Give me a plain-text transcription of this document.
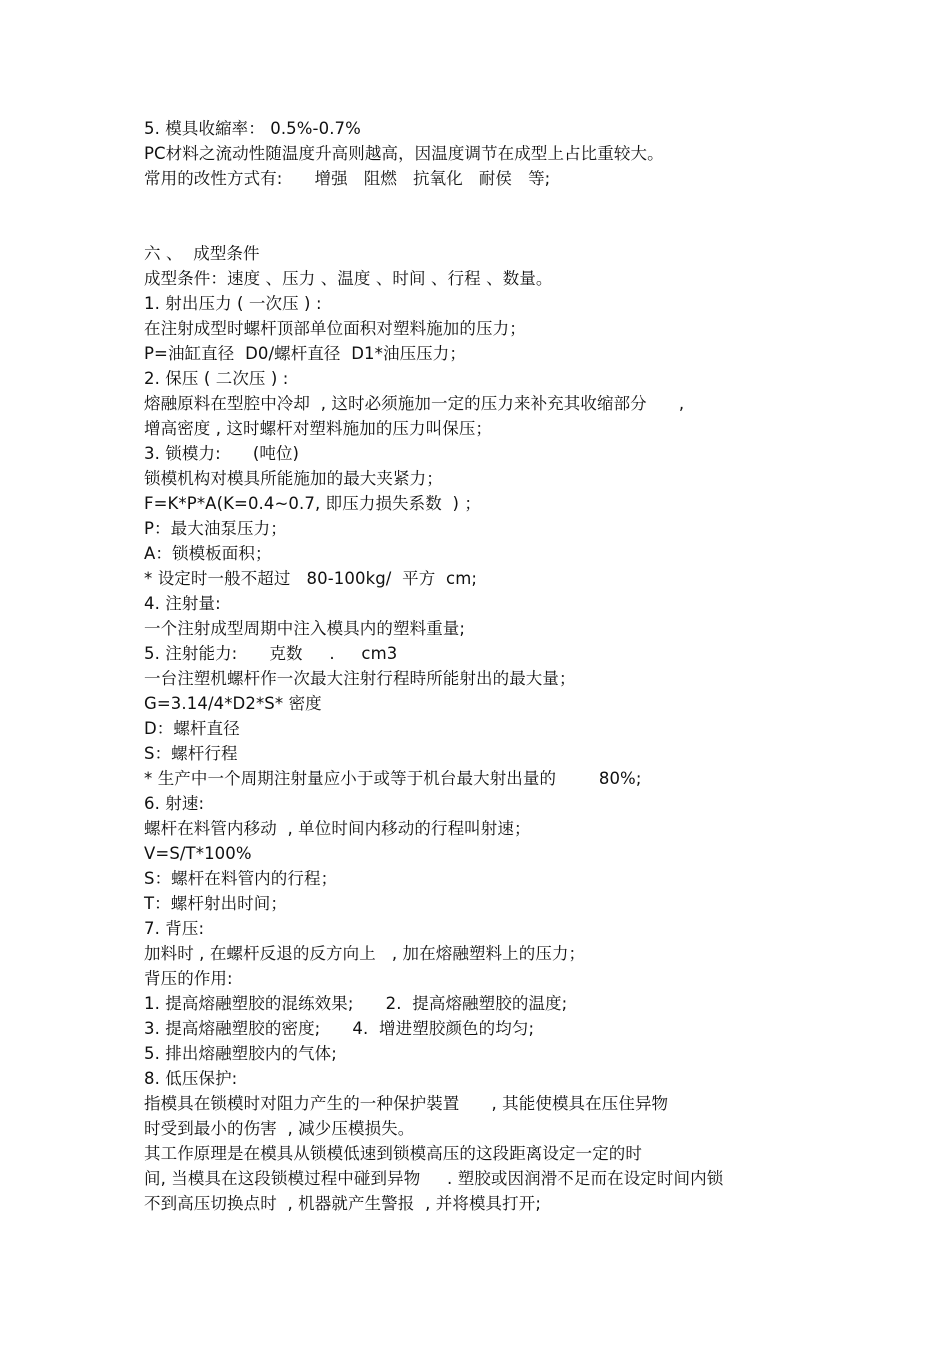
5. 模具收縮率： 0.5%-0.7%
PC材料之流动性随温度升高则越高，因温度调节在成型上占比重较大。
常用的改性方式有:      增强   阻燃   抗氧化   耐侯   等;
六 、  成型条件
成型条件：速度 、压力 、温度 、时间 、行程 、数量。
1. 射出压力 ( 一次压 ) :
在注射成型时螺杆顶部单位面积对塑料施加的压力；
P=油缸直径  D0/螺杆直径  D1*油压压力；
2. 保压 ( 二次压 ) :
熔融原料在型腔中冷却  , 这时必须施加一定的压力来补充其收缩部分      ,
增高密度 , 这时螺杆对塑料施加的压力叫保压；
3. 锁模力:      (吨位)
锁模机构对模具所能施加的最大夹紧力；
F=K*P*A(K=0.4~0.7, 即压力损失系数  ) ；
P：最大油泵压力；
A：锁模板面积；
* 设定时一般不超过   80-100kg/  平方  cm;
4. 注射量:
一个注射成型周期中注入模具内的塑料重量;
5. 注射能力:      克数     .     cm3
一台注塑机螺杆作一次最大注射行程時所能射出的最大量；
G=3.14/4*D2*S* 密度
D：螺杆直径
S：螺杆行程
* 生产中一个周期注射量应小于或等于机台最大射出量的        80%;
6. 射速:
螺杆在料管内移动  , 单位时间内移动的行程叫射速；
V=S/T*100%
S：螺杆在料管内的行程；
T：螺杆射出时间；
7. 背压:
加料时 , 在螺杆反退的反方向上   , 加在熔融塑料上的压力；
背压的作用:
1. 提高熔融塑胶的混练效果;      2.  提高熔融塑胶的温度;
3. 提高熔融塑胶的密度;      4.  增进塑胶颜色的均匀;
5. 排出熔融塑胶内的气体;
8. 低压保护:
指模具在锁模时对阻力产生的一种保护裝置      , 其能使模具在压住异物
时受到最小的伤害  , 减少压模损失。
其工作原理是在模具从锁模低速到锁模高压的这段距离设定一定的时
间, 当模具在这段锁模过程中碰到异物     . 塑胶或因润滑不足而在设定时间内锁
不到高压切换点时  , 机器就产生警报  , 并将模具打开;
